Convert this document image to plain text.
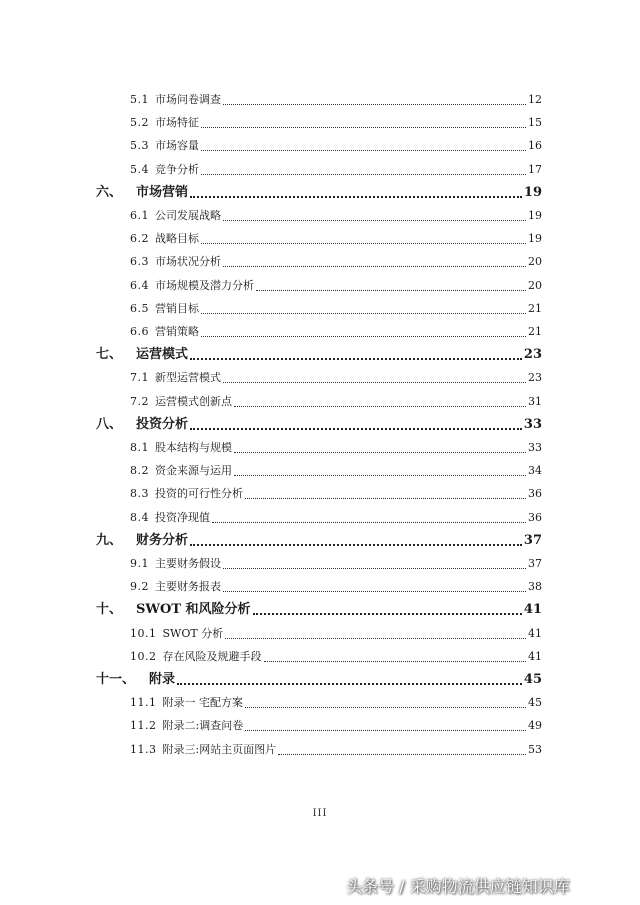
5.1 市场问卷调查	12
5.2 市场特征	15
5.3 市场容量	16
5.4 竞争分析	17
六、 市场营销	19
6.1 公司发展战略	19
6.2 战略目标	19
6.3 市场状况分析	20
6.4 市场规模及潜力分析	20
6.5 营销目标	21
6.6 营销策略	21
七、 运营模式	23
7.1 新型运营模式	23
7.2 运营模式创新点	31
八、 投资分析	33
8.1 股本结构与规模	33
8.2 资金来源与运用	34
8.3 投资的可行性分析	36
8.4 投资净现值	36
九、 财务分析	37
9.1 主要财务假设	37
9.2 主要财务报表	38
十、 SWOT 和风险分析	41
10.1 SWOT 分析	41
10.2 存在风险及规避手段	41
十一、 附录	45
11.1 附录一 宅配方案	45
11.2 附录二:调查问卷	49
11.3 附录三:网站主页面图片	53
III
头条号 / 采购物流供应链知识库
